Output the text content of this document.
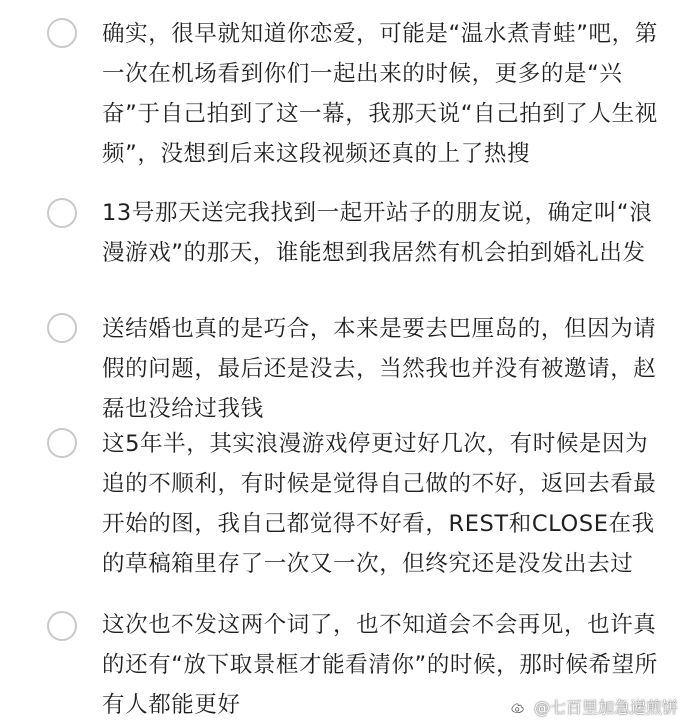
确实，很早就知道你恋爱，可能是“温水煮青蛙”吧，第一次在机场看到你们一起出来的时候，更多的是“兴奋”于自己拍到了这一幕，我那天说“自己拍到了人生视频”，没想到后来这段视频还真的上了热搜
13号那天送完我找到一起开站子的朋友说，确定叫“浪漫游戏”的那天，谁能想到我居然有机会拍到婚礼出发
送结婚也真的是巧合，本来是要去巴厘岛的，但因为请假的问题，最后还是没去，当然我也并没有被邀请，赵磊也没给过我钱
这5年半，其实浪漫游戏停更过好几次，有时候是因为追的不顺利，有时候是觉得自己做的不好，返回去看最开始的图，我自己都觉得不好看，REST和CLOSE在我的草稿箱里存了一次又一次，但终究还是没发出去过
这次也不发这两个词了，也不知道会不会再见，也许真的还有“放下取景框才能看清你”的时候，那时候希望所有人都能更好	@七百里加急递煎饼
